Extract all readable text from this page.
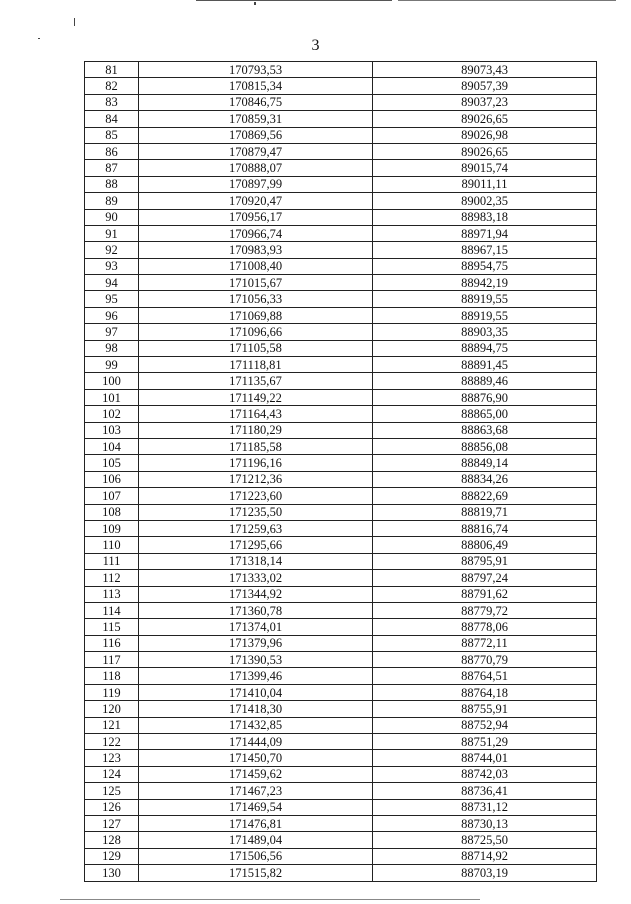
3
81	170793,53	89073,43
82	170815,34	89057,39
83	170846,75	89037,23
84	170859,31	89026,65
85	170869,56	89026,98
86	170879,47	89026,65
87	170888,07	89015,74
88	170897,99	89011,11
89	170920,47	89002,35
90	170956,17	88983,18
91	170966,74	88971,94
92	170983,93	88967,15
93	171008,40	88954,75
94	171015,67	88942,19
95	171056,33	88919,55
96	171069,88	88919,55
97	171096,66	88903,35
98	171105,58	88894,75
99	171118,81	88891,45
100	171135,67	88889,46
101	171149,22	88876,90
102	171164,43	88865,00
103	171180,29	88863,68
104	171185,58	88856,08
105	171196,16	88849,14
106	171212,36	88834,26
107	171223,60	88822,69
108	171235,50	88819,71
109	171259,63	88816,74
110	171295,66	88806,49
111	171318,14	88795,91
112	171333,02	88797,24
113	171344,92	88791,62
114	171360,78	88779,72
115	171374,01	88778,06
116	171379,96	88772,11
117	171390,53	88770,79
118	171399,46	88764,51
119	171410,04	88764,18
120	171418,30	88755,91
121	171432,85	88752,94
122	171444,09	88751,29
123	171450,70	88744,01
124	171459,62	88742,03
125	171467,23	88736,41
126	171469,54	88731,12
127	171476,81	88730,13
128	171489,04	88725,50
129	171506,56	88714,92
130	171515,82	88703,19
